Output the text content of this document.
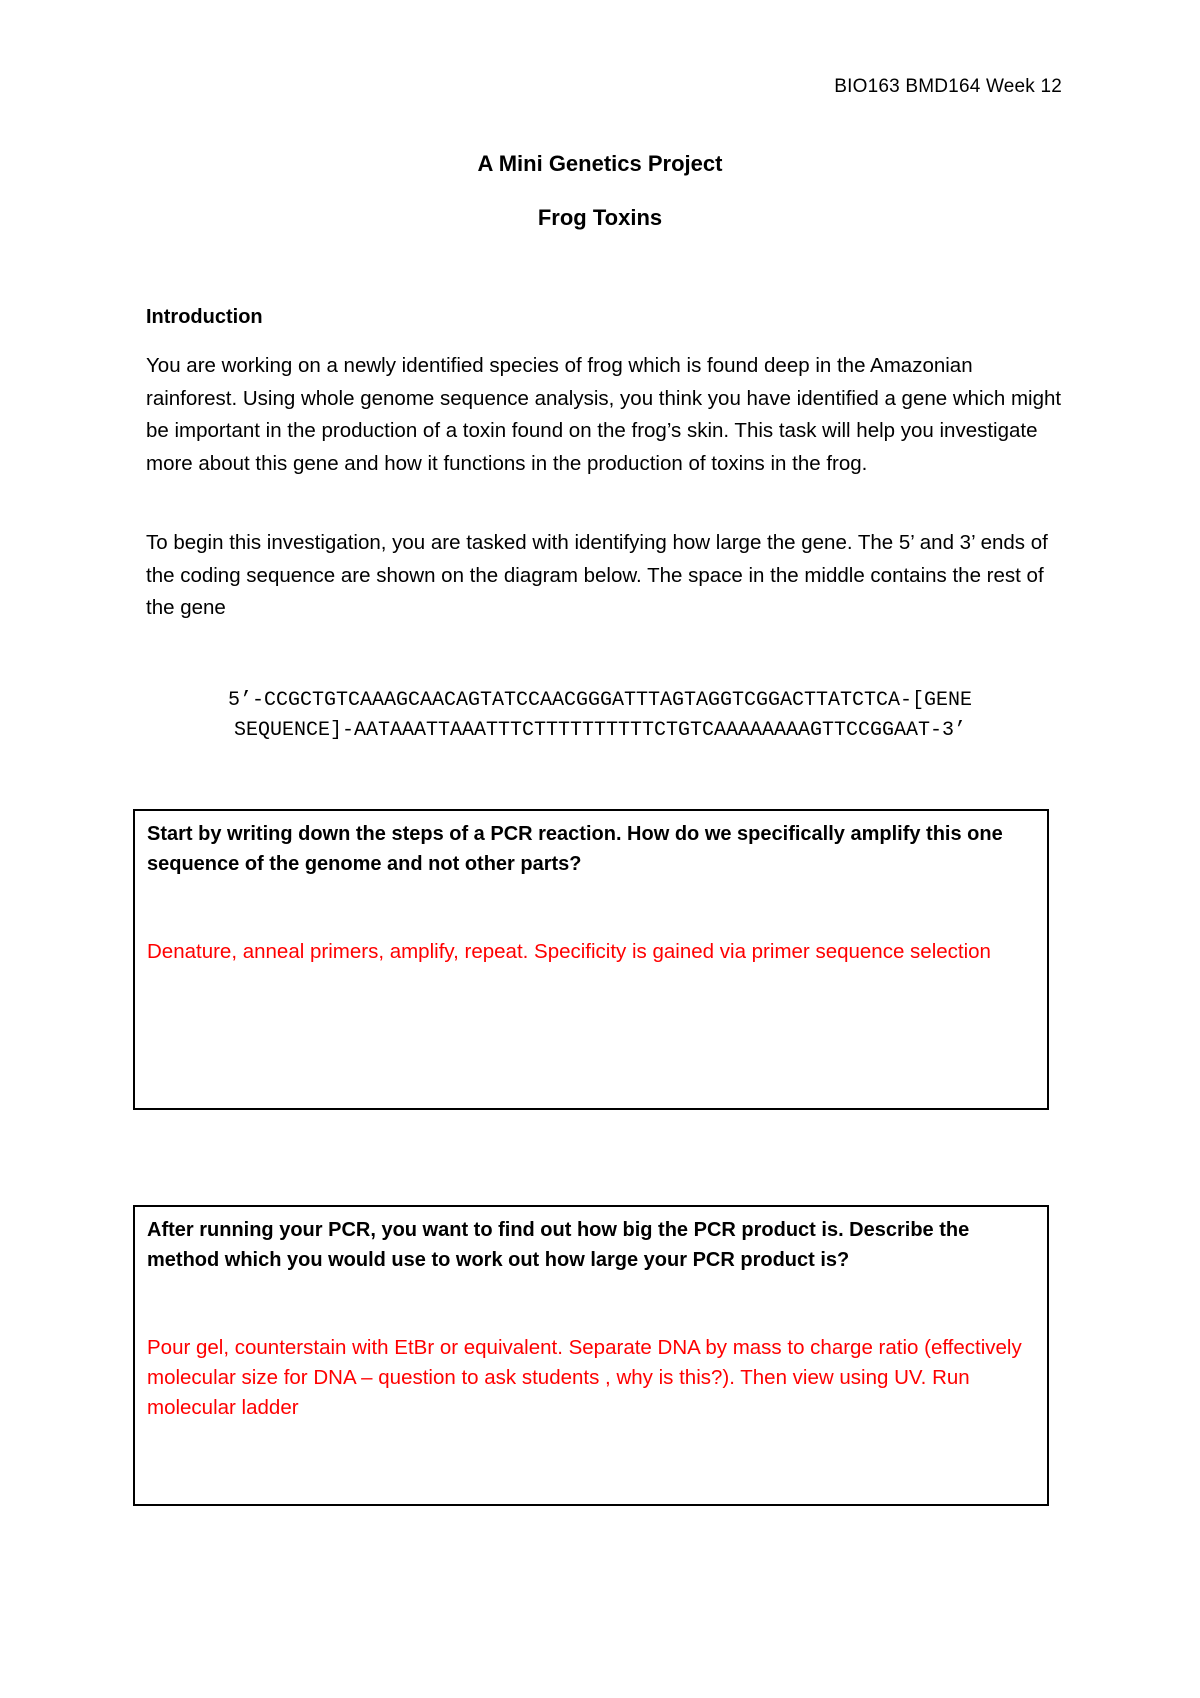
BIO163 BMD164 Week 12
A Mini Genetics Project
Frog Toxins
Introduction
You are working on a newly identified species of frog which is found deep in the Amazonian rainforest. Using whole genome sequence analysis, you think you have identified a gene which might be important in the production of a toxin found on the frog’s skin. This task will help you investigate more about this gene and how it functions in the production of toxins in the frog.
To begin this investigation, you are tasked with identifying how large the gene. The 5’ and 3’ ends of the coding sequence are shown on the diagram below. The space in the middle contains the rest of the gene
5’-CCGCTGTCAAAGCAACAGTATCCAACGGGATTTAGTAGGTCGGACTTATCTCA-[GENE
SEQUENCE]-AATAAATTAAATTTCTTTTTTTTTTCTGTCAAAAAAAAGTTCCGGAAT-3’
Start by writing down the steps of a PCR reaction. How do we specifically amplify this one sequence of the genome and not other parts?
Denature, anneal primers, amplify, repeat. Specificity is gained via primer sequence selection
After running your PCR, you want to find out how big the PCR product is. Describe the method which you would use to work out how large your PCR product is?
Pour gel, counterstain with EtBr or equivalent. Separate DNA by mass to charge ratio (effectively molecular size for DNA – question to ask students , why is this?). Then view using UV. Run molecular ladder
